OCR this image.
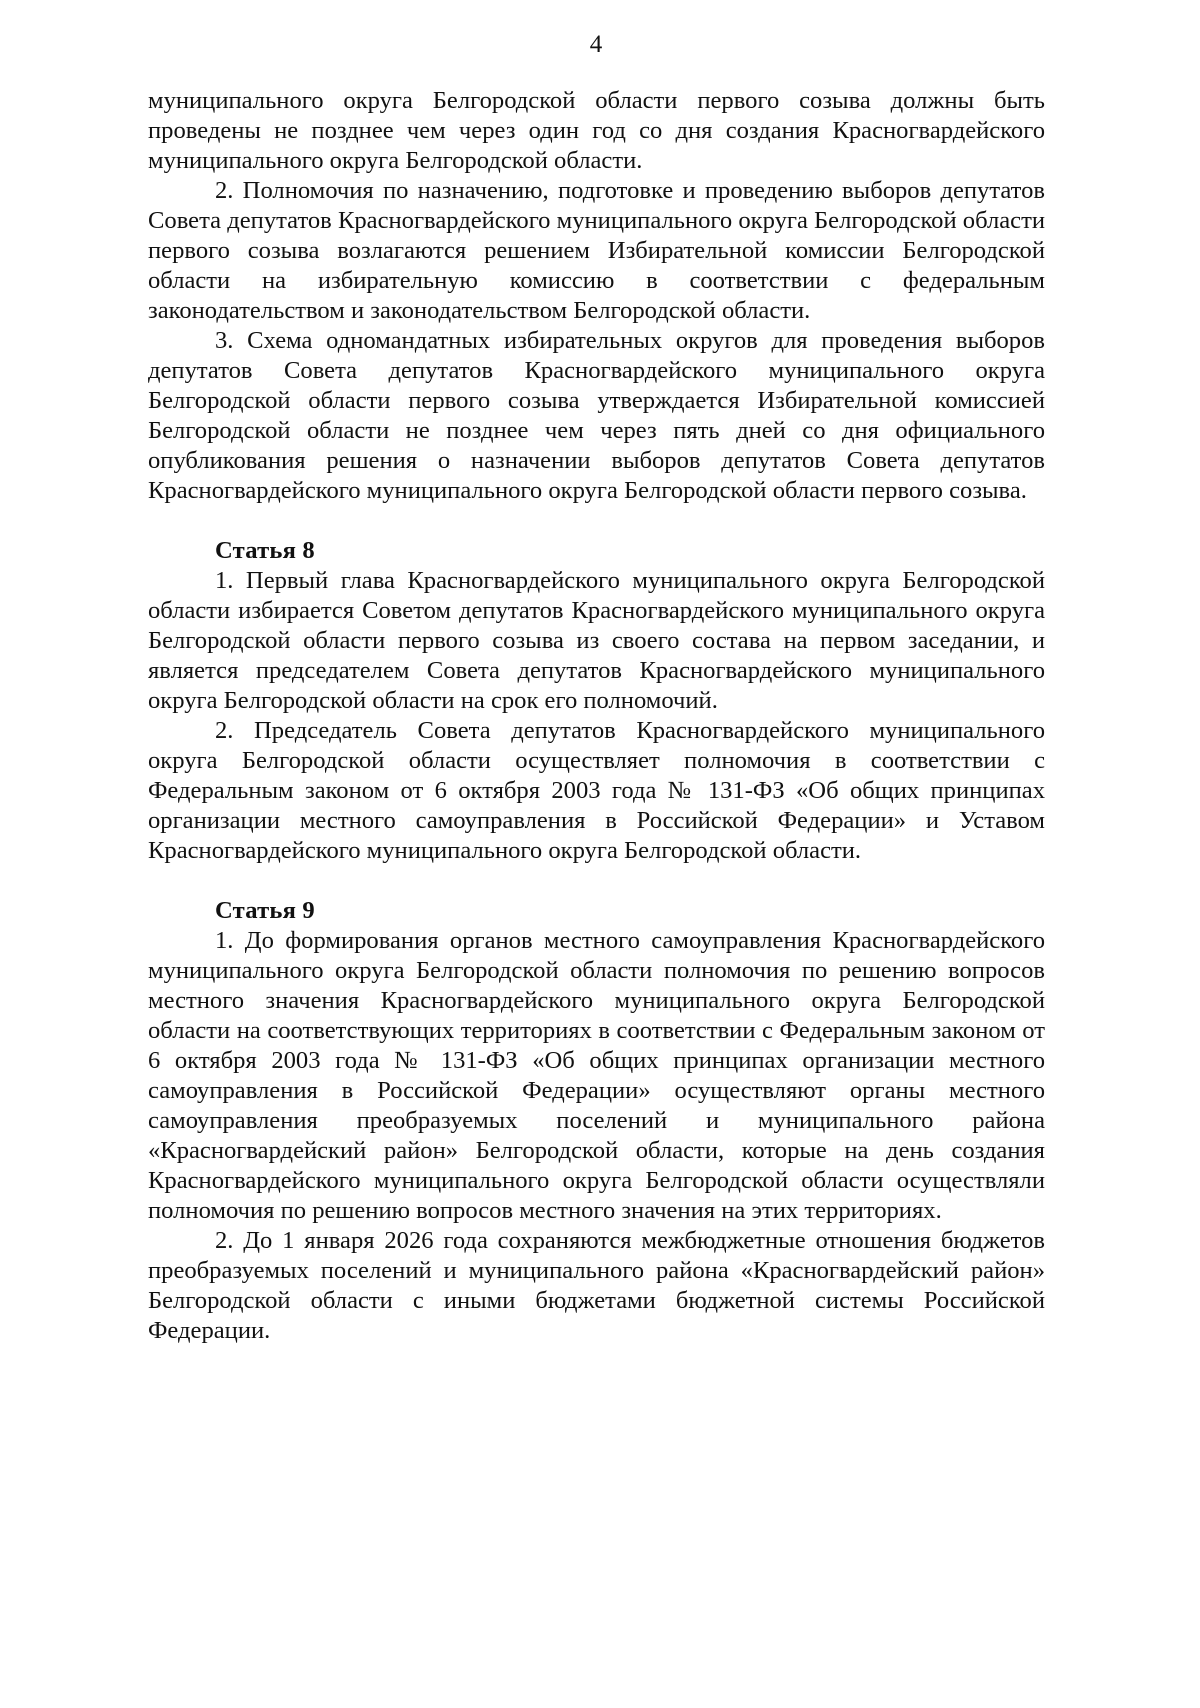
4

муниципального округа Белгородской области первого созыва должны быть проведены не позднее чем через один год со дня создания Красногвардейского муниципального округа Белгородской области.

2. Полномочия по назначению, подготовке и проведению выборов депутатов Совета депутатов Красногвардейского муниципального округа Белгородской области первого созыва возлагаются решением Избирательной комиссии Белгородской области на избирательную комиссию в соответствии с федеральным законодательством и законодательством Белгородской области.

3. Схема одномандатных избирательных округов для проведения выборов депутатов Совета депутатов Красногвардейского муниципального округа Белгородской области первого созыва утверждается Избирательной комиссией Белгородской области не позднее чем через пять дней со дня официального опубликования решения о назначении выборов депутатов Совета депутатов Красногвардейского муниципального округа Белгородской области первого созыва.

Статья 8

1. Первый глава Красногвардейского муниципального округа Белгородской области избирается Советом депутатов Красногвардейского муниципального округа Белгородской области первого созыва из своего состава на первом заседании, и является председателем Совета депутатов Красногвардейского муниципального округа Белгородской области на срок его полномочий.

2. Председатель Совета депутатов Красногвардейского муниципального округа Белгородской области осуществляет полномочия в соответствии с Федеральным законом от 6 октября 2003 года № 131-ФЗ «Об общих принципах организации местного самоуправления в Российской Федерации» и Уставом Красногвардейского муниципального округа Белгородской области.

Статья 9

1. До формирования органов местного самоуправления Красногвардейского муниципального округа Белгородской области полномочия по решению вопросов местного значения Красногвардейского муниципального округа Белгородской области на соответствующих территориях в соответствии с Федеральным законом от 6 октября 2003 года № 131-ФЗ «Об общих принципах организации местного самоуправления в Российской Федерации» осуществляют органы местного самоуправления преобразуемых поселений и муниципального района «Красногвардейский район» Белгородской области, которые на день создания Красногвардейского муниципального округа Белгородской области осуществляли полномочия по решению вопросов местного значения на этих территориях.

2. До 1 января 2026 года сохраняются межбюджетные отношения бюджетов преобразуемых поселений и муниципального района «Красногвардейский район» Белгородской области с иными бюджетами бюджетной системы Российской Федерации.
